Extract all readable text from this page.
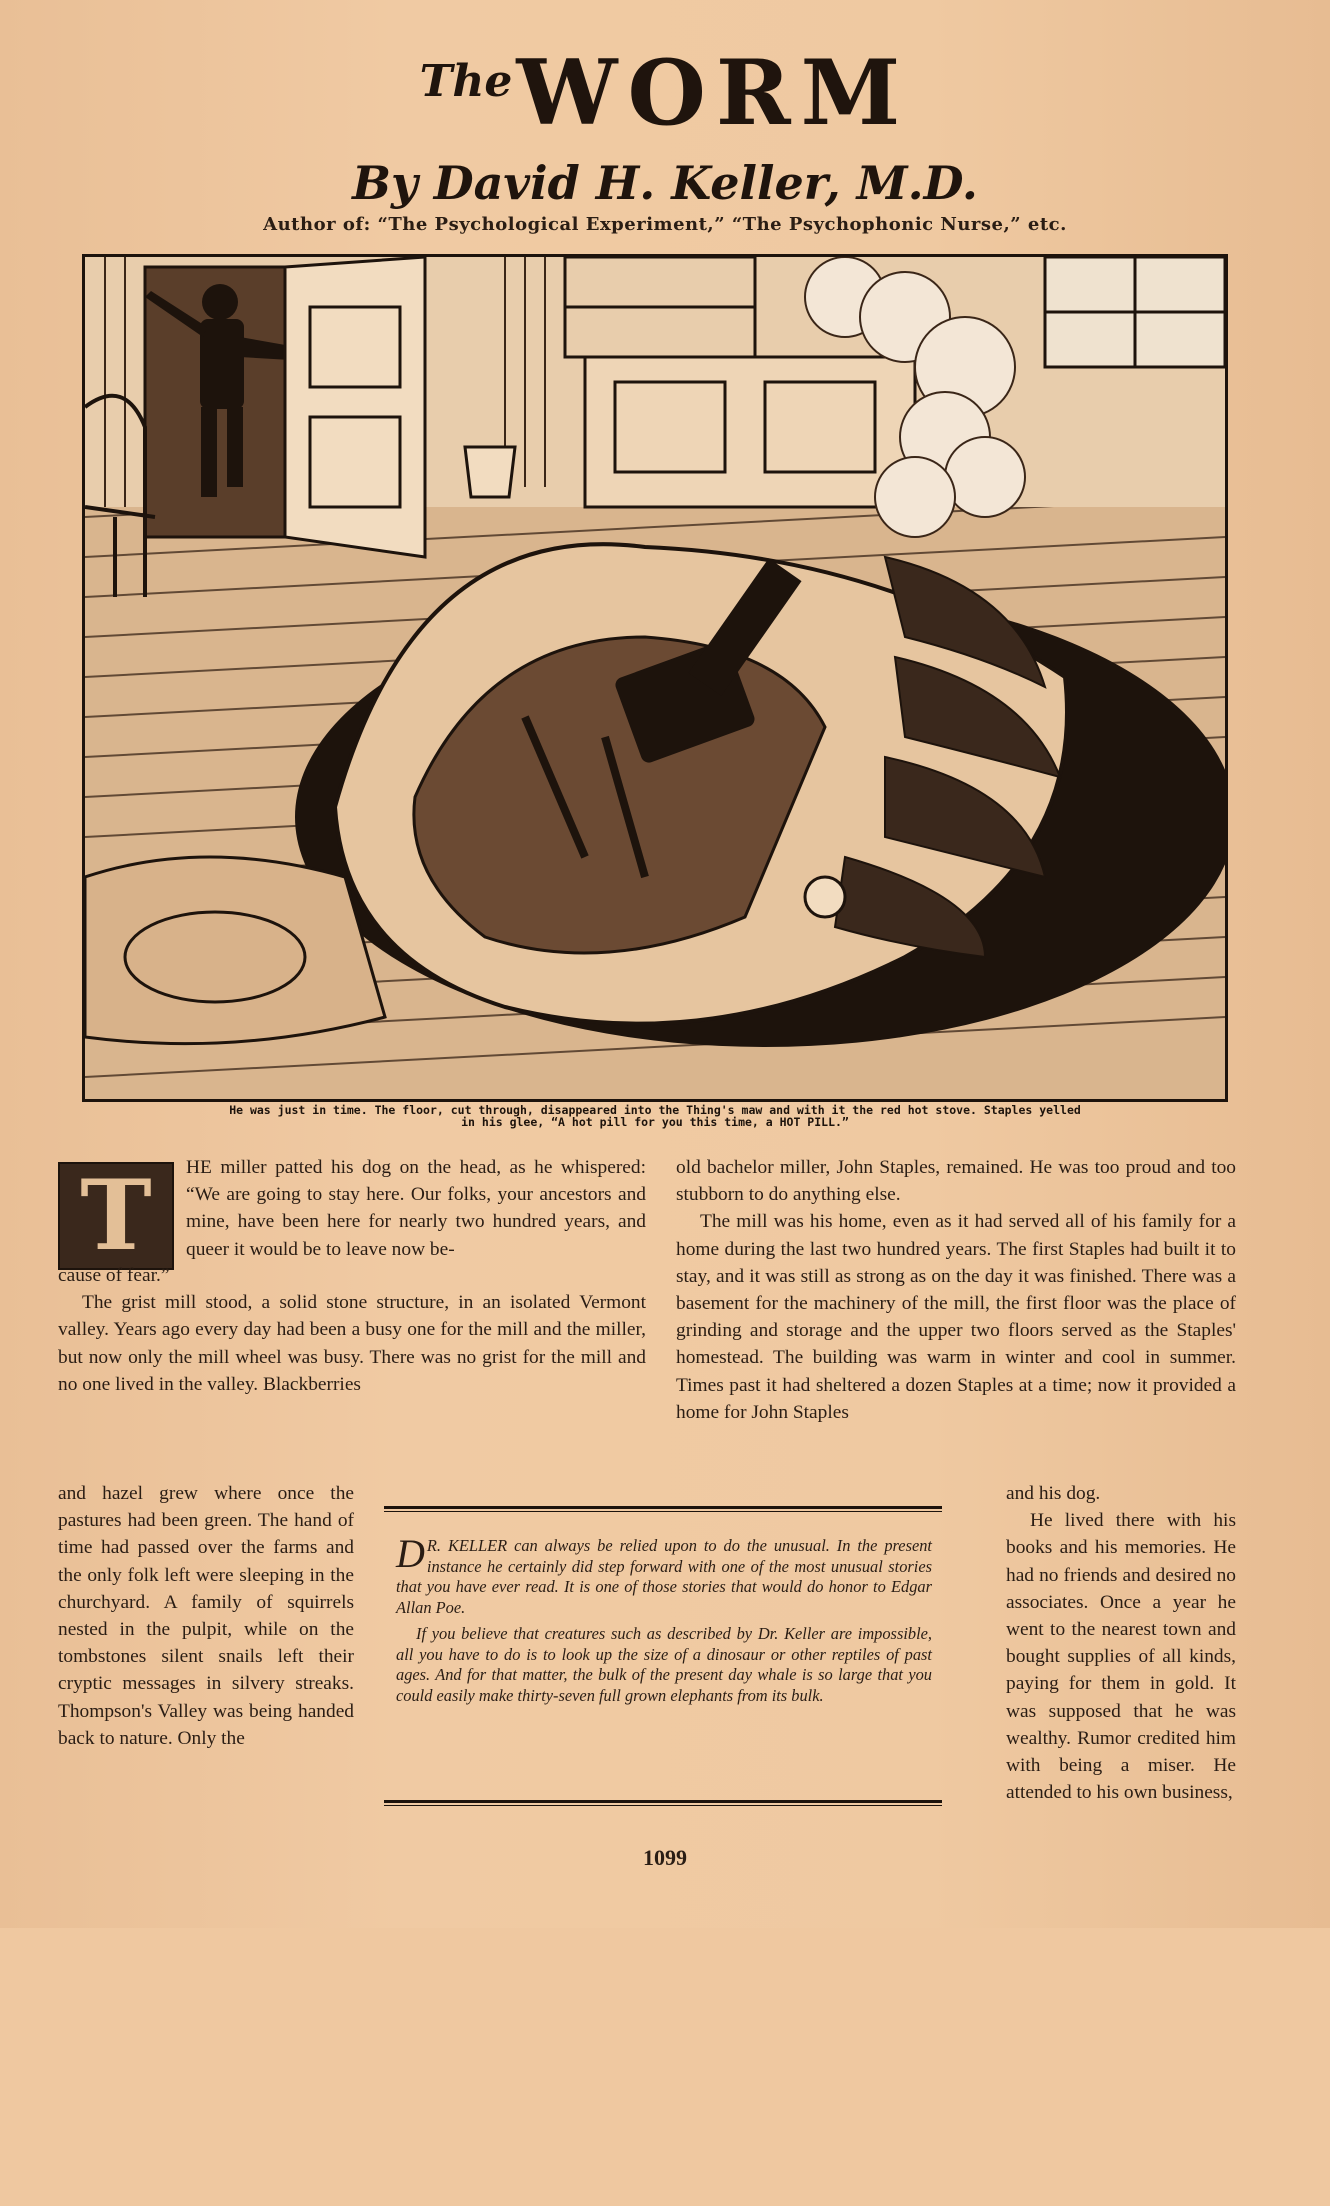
TheWORM
By David H. Keller, M.D.
Author of: “The Psychological Experiment,” “The Psychophonic Nurse,” etc.
He was just in time. The floor, cut through, disappeared into the Thing's maw and with it the red hot stove. Staples yelled
in his glee, “A hot pill for you this time, a HOT PILL.”
T	HE miller patted his dog on the head, as he whispered: “We are going to stay here. Our folks, your ancestors and mine, have been here for nearly two hundred years, and queer it would be to leave now be-

cause of fear.”

The grist mill stood, a solid stone structure, in an isolated Vermont valley. Years ago every day had been a busy one for the mill and the miller, but now only the mill wheel was busy. There was no grist for the mill and no one lived in the valley. Blackberries

and hazel grew where once the pastures had been green. The hand of time had passed over the farms and the only folk left were sleeping in the churchyard. A family of squirrels nested in the pulpit, while on the tombstones silent snails left their cryptic messages in silvery streaks. Thompson's Valley was being handed back to nature. Only the

old bachelor miller, John Staples, remained. He was too proud and too stubborn to do anything else.

The mill was his home, even as it had served all of his family for a home during the last two hundred years. The first Staples had built it to stay, and it was still as strong as on the day it was finished. There was a basement for the machinery of the mill, the first floor was the place of grinding and storage and the upper two floors served as the Staples' homestead. The building was warm in winter and cool in summer. Times past it had sheltered a dozen Staples at a time; now it provided a home for John Staples

and his dog.

He lived there with his books and his memories. He had no friends and desired no associates. Once a year he went to the nearest town and bought supplies of all kinds, paying for them in gold. It was supposed that he was wealthy. Rumor credited him with being a miser. He attended to his own business,

D R. KELLER can always be relied upon to do the unusual. In the present instance he certainly did step forward with one of the most unusual stories that you have ever read. It is one of those stories that would do honor to Edgar Allan Poe.

If you believe that creatures such as described by Dr. Keller are impossible, all you have to do is to look up the size of a dinosaur or other reptiles of past ages. And for that matter, the bulk of the present day whale is so large that you could easily make thirty-seven full grown elephants from its bulk.

1099
